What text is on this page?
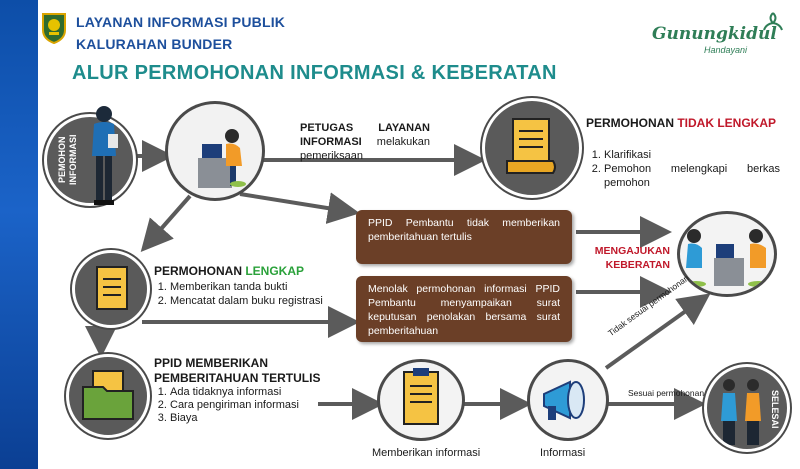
LAYANAN INFORMASI PUBLIK
KALURAHAN BUNDER
ALUR PERMOHONAN INFORMASI & KEBERATAN
Gunungkidul
Handayani
PEMOHON INFORMASI
PETUGAS LAYANAN INFORMASI melakukan pemeriksaan
PERMOHONAN TIDAK LENGKAP
1. Klarifikasi
2. Pemohon melengkapi berkas pemohon
PPID Pembantu tidak memberikan pemberitahuan tertulis
Menolak permohonan informasi PPID Pembantu menyampaikan surat keputusan penolakan bersama surat pemberitahuan
MENGAJUKAN
KEBERATAN
PERMOHONAN LENGKAP
1. Memberikan tanda bukti
2. Mencatat dalam buku registrasi
PPID MEMBERIKAN
PEMBERITAHUAN TERTULIS
1. Ada tidaknya informasi
2. Cara pengiriman informasi
3. Biaya
Memberikan informasi	Informasi
SELESAI
Tidak sesuai permohonan
Sesuai permohonan
